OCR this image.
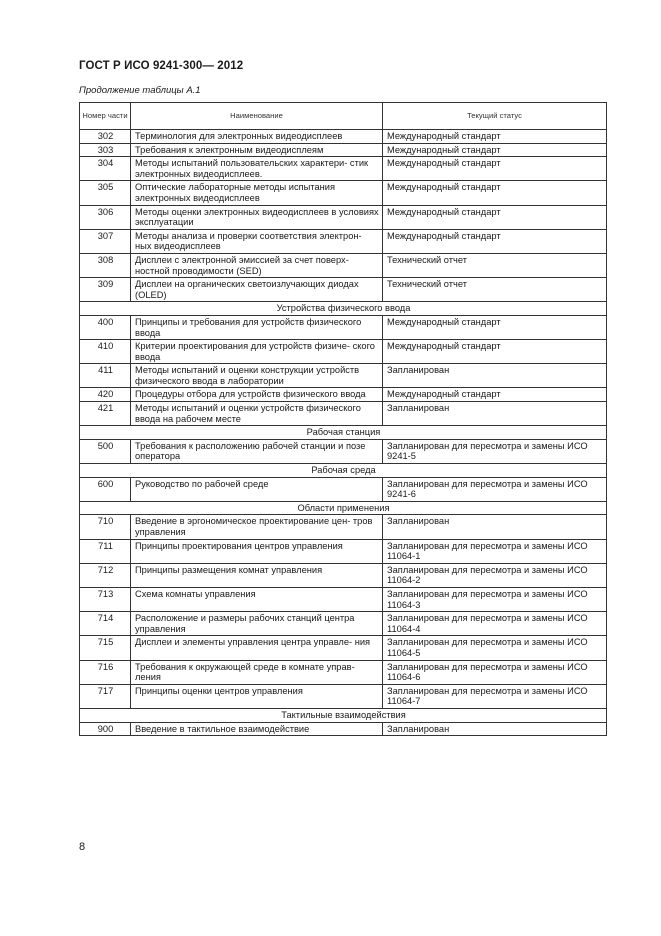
ГОСТ Р ИСО 9241-300— 2012
Продолжение таблицы А.1
Номер части	Наименование	Текущий статус
302	Терминология для электронных видеодисплеев	Международный стандарт
303	Требования к электронным видеодисплеям	Международный стандарт
304	Методы испытаний пользовательских характери- стик электронных видеодисплеев.	Международный стандарт
305	Оптические лабораторные методы испытания электронных видеодисплеев	Международный стандарт
306	Методы оценки электронных видеодисплеев в условиях эксплуатации	Международный стандарт
307	Методы анализа и проверки соответствия электрон- ных видеодисплеев	Международный стандарт
308	Дисплеи с электронной эмиссией за счет поверх- ностной проводимости (SED)	Технический отчет
309	Дисплеи на органических светоизлучающих диодах (OLED)	Технический отчет
Устройства физического ввода		
400	Принципы и требования для устройств физического ввода	Международный стандарт
410	Критерии проектирования для устройств физиче- ского ввода	Международный стандарт
411	Методы испытаний и оценки конструкции устройств физического ввода в лаборатории	Запланирован
420	Процедуры отбора для устройств физического ввода	Международный стандарт
421	Методы испытаний и оценки устройств физического ввода на рабочем месте	Запланирован
Рабочая станция		
500	Требования к расположению рабочей станции и позе оператора	Запланирован для пересмотра и замены ИСО 9241-5
Рабочая среда		
600	Руководство по рабочей среде	Запланирован для пересмотра и замены ИСО 9241-6
Области применения		
710	Введение в эргономическое проектирование цен- тров управления	Запланирован
711	Принципы проектирования центров управления	Запланирован для пересмотра и замены ИСО 11064-1
712	Принципы размещения комнат управления	Запланирован для пересмотра и замены ИСО 11064-2
713	Схема комнаты управления	Запланирован для пересмотра и замены ИСО 11064-3
714	Расположение и размеры рабочих станций центра управления	Запланирован для пересмотра и замены ИСО 11064-4
715	Дисплеи и элементы управления центра управле- ния	Запланирован для пересмотра и замены ИСО 11064-5
716	Требования к окружающей среде в комнате управ- ления	Запланирован для пересмотра и замены ИСО 11064-6
717	Принципы оценки центров управления	Запланирован для пересмотра и замены ИСО 11064-7
Тактильные взаимодействия		
900	Введение в тактильное взаимодействие	Запланирован
8
